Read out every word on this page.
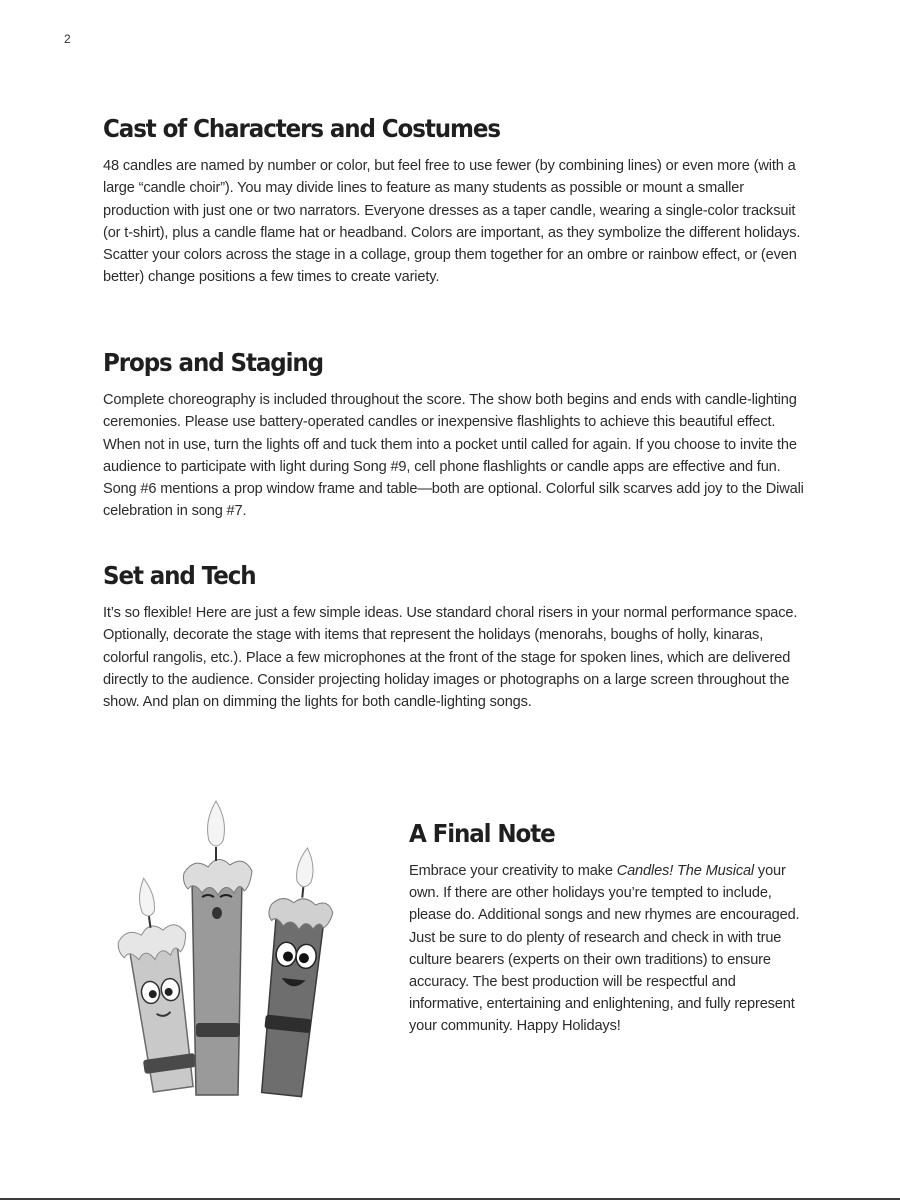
2
Cast of Characters and Costumes

48 candles are named by number or color, but feel free to use fewer (by combining lines) or even more (with a large “candle choir”). You may divide lines to feature as many students as possible or mount a smaller production with just one or two narrators. Everyone dresses as a taper candle, wearing a single-color tracksuit (or t-shirt), plus a candle flame hat or headband. Colors are important, as they symbolize the different holidays. Scatter your colors across the stage in a collage, group them together for an ombre or rainbow effect, or (even better) change positions a few times to create variety.

Props and Staging

Complete choreography is included throughout the score. The show both begins and ends with candle-lighting ceremonies. Please use battery-operated candles or inexpensive flashlights to achieve this beautiful effect. When not in use, turn the lights off and tuck them into a pocket until called for again. If you choose to invite the audience to participate with light during Song #9, cell phone flashlights or candle apps are effective and fun. Song #6 mentions a prop window frame and table—both are optional. Colorful silk scarves add joy to the Diwali celebration in song #7.

Set and Tech

It’s so flexible! Here are just a few simple ideas. Use standard choral risers in your normal performance space. Optionally, decorate the stage with items that represent the holidays (menorahs, boughs of holly, kinaras, colorful rangolis, etc.). Place a few microphones at the front of the stage for spoken lines, which are delivered directly to the audience. Consider projecting holiday images or photographs on a large screen throughout the show. And plan on dimming the lights for both candle-lighting songs.

A Final Note

Embrace your creativity to make Candles! The Musical your own. If there are other holidays you’re tempted to include, please do. Additional songs and new rhymes are encouraged. Just be sure to do plenty of research and check in with true culture bearers (experts on their own traditions) to ensure accuracy. The best production will be respectful and informative, entertaining and enlightening, and fully represent your community. Happy Holidays!
